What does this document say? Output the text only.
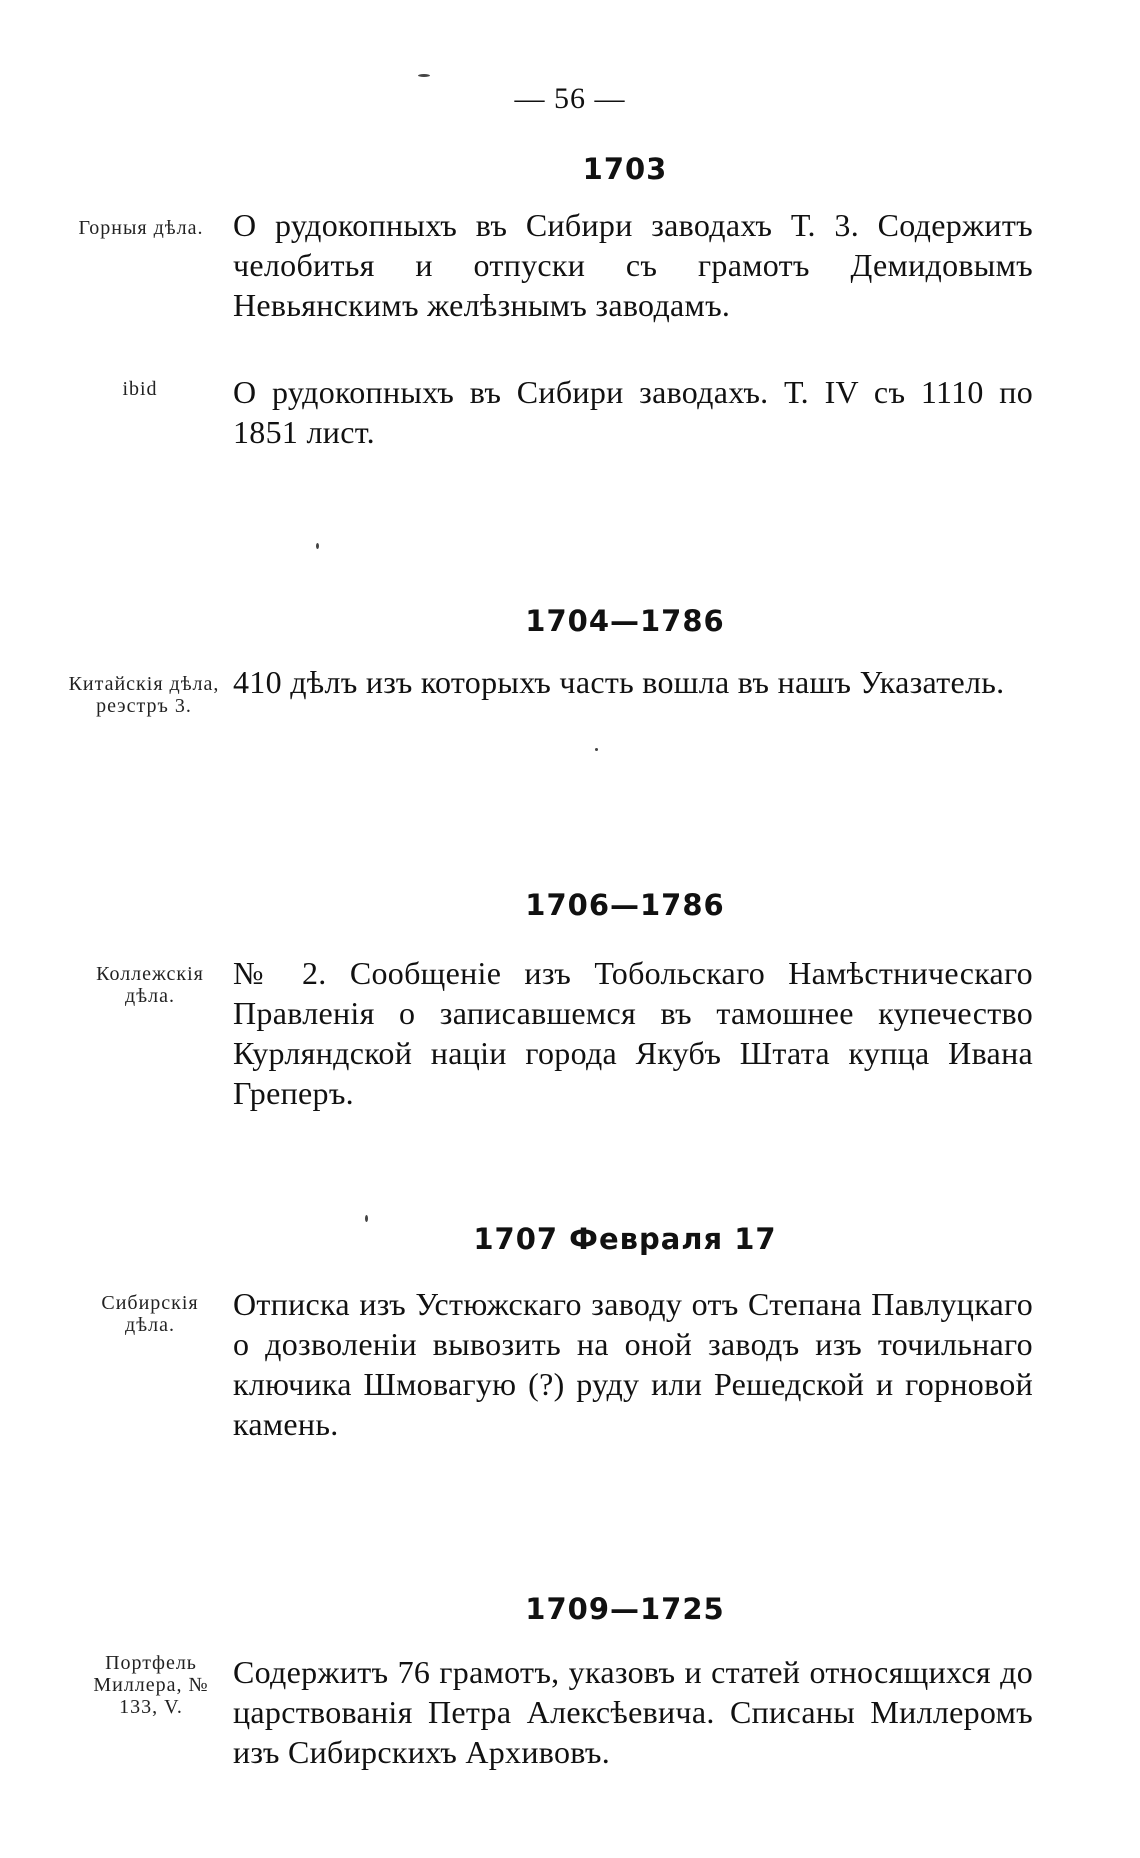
— 56 —
1703
Горныя дѣла. О рудокопныхъ въ Сибири заводахъ Т. 3. Содержитъ челобитья и отпуски съ грамотъ Демидовымъ Невьянскимъ желѣзнымъ заводамъ.
ibid	О рудокопныхъ въ Сибири заводахъ. Т. IV съ 1110 по 1851 лист.
1704—1786
Китайскія дѣла, реэстръ 3.
410 дѣлъ изъ которыхъ часть вошла въ нашъ Указатель.
1706—1786
Коллежскія дѣла.
№ 2. Сообщеніе изъ Тобольскаго Намѣстническаго Правленія о записавшемся въ тамошнее купечество Курляндской націи города Якубъ Штата купца Ивана Греперъ.
1707 Февраля 17
Сибирскія дѣла.
Отписка изъ Устюжскаго заводу отъ Степана Павлуцкаго о дозволеніи вывозить на оной заводъ изъ точильнаго ключика Шмовагую (?) руду или Решедской и горновой камень.
1709—1725
Портфель Миллера, № 133, V.
Содержитъ 76 грамотъ, указовъ и статей относящихся до царствованія Петра Алексѣевича. Списаны Миллеромъ изъ Сибирскихъ Архивовъ.
